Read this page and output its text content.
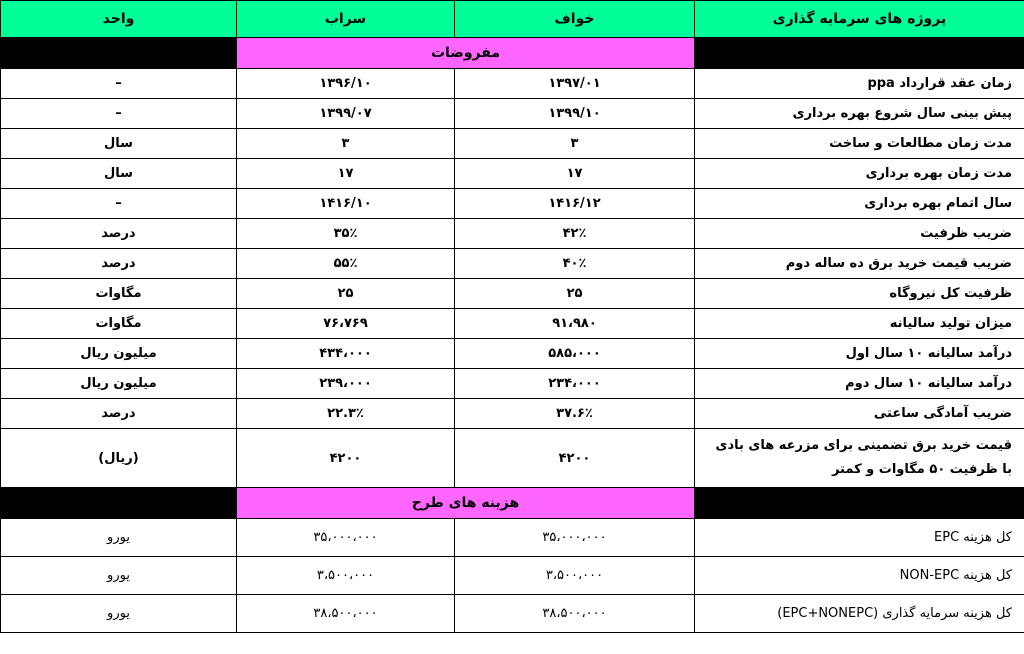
پروژه های سرمایه گذاری	خواف	سراب	واحد
	مفروضات		
زمان عقد قرارداد ppa	۱۳۹۷/۰۱	۱۳۹۶/۱۰	–
پیش بینی سال شروع بهره برداری	۱۳۹۹/۱۰	۱۳۹۹/۰۷	–
مدت زمان مطالعات و ساخت	۳	۳	سال
مدت زمان بهره برداری	۱۷	۱۷	سال
سال اتمام بهره برداری	۱۴۱۶/۱۲	۱۴۱۶/۱۰	–
ضریب ظرفیت	۴۲٪	۳۵٪	درصد
ضریب قیمت خرید برق ده ساله دوم	۴۰٪	۵۵٪	درصد
ظرفیت کل نیروگاه	۲۵	۲۵	مگاوات
میزان تولید سالیانه	۹۱،۹۸۰	۷۶،۷۶۹	مگاوات
درآمد سالیانه ۱۰ سال اول	۵۸۵،۰۰۰	۴۳۴،۰۰۰	میلیون ریال
درآمد سالیانه ۱۰ سال دوم	۲۳۴،۰۰۰	۲۳۹،۰۰۰	میلیون ریال
ضریب آمادگی ساعتی	۳۷.۶٪	۲۲.۳٪	درصد
قیمت خرید برق تضمینی برای مزرعه های بادی با ظرفیت ۵۰ مگاوات و کمتر	۴۲۰۰	۴۲۰۰	(ریال)
	هزینه های طرح		
کل هزینه EPC	۳۵،۰۰۰،۰۰۰	۳۵،۰۰۰،۰۰۰	یورو
کل هزینه NON-EPC	۳،۵۰۰،۰۰۰	۳،۵۰۰،۰۰۰	یورو
کل هزینه سرمایه گذاری (EPC+NONEPC)	۳۸،۵۰۰،۰۰۰	۳۸،۵۰۰،۰۰۰	یورو
